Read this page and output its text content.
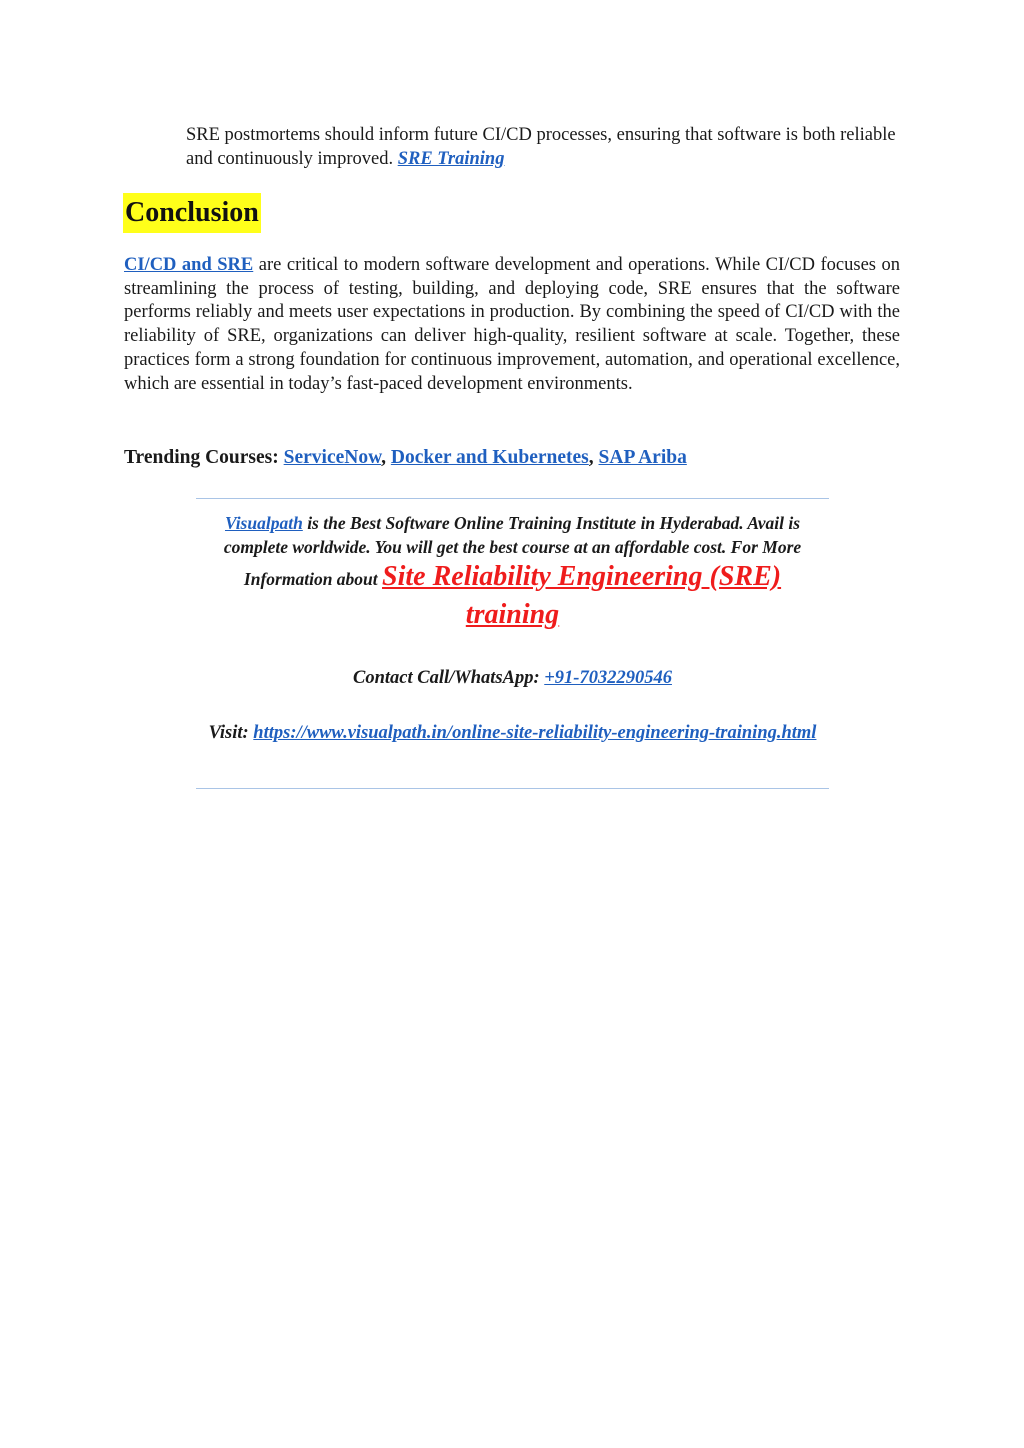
SRE postmortems should inform future CI/CD processes, ensuring that software is both reliable and continuously improved. SRE Training

Conclusion

CI/CD and SRE are critical to modern software development and operations. While CI/CD focuses on streamlining the process of testing, building, and deploying code, SRE ensures that the software performs reliably and meets user expectations in production. By combining the speed of CI/CD with the reliability of SRE, organizations can deliver high-quality, resilient software at scale. Together, these practices form a strong foundation for continuous improvement, automation, and operational excellence, which are essential in today’s fast-paced development environments.

Trending Courses: ServiceNow, Docker and Kubernetes, SAP Ariba

Visualpath is the Best Software Online Training Institute in Hyderabad. Avail is
complete worldwide. You will get the best course at an affordable cost. For More
Information about Site Reliability Engineering (SRE) training

Contact Call/WhatsApp: +91-7032290546

Visit: https://www.visualpath.in/online-site-reliability-engineering-training.html
